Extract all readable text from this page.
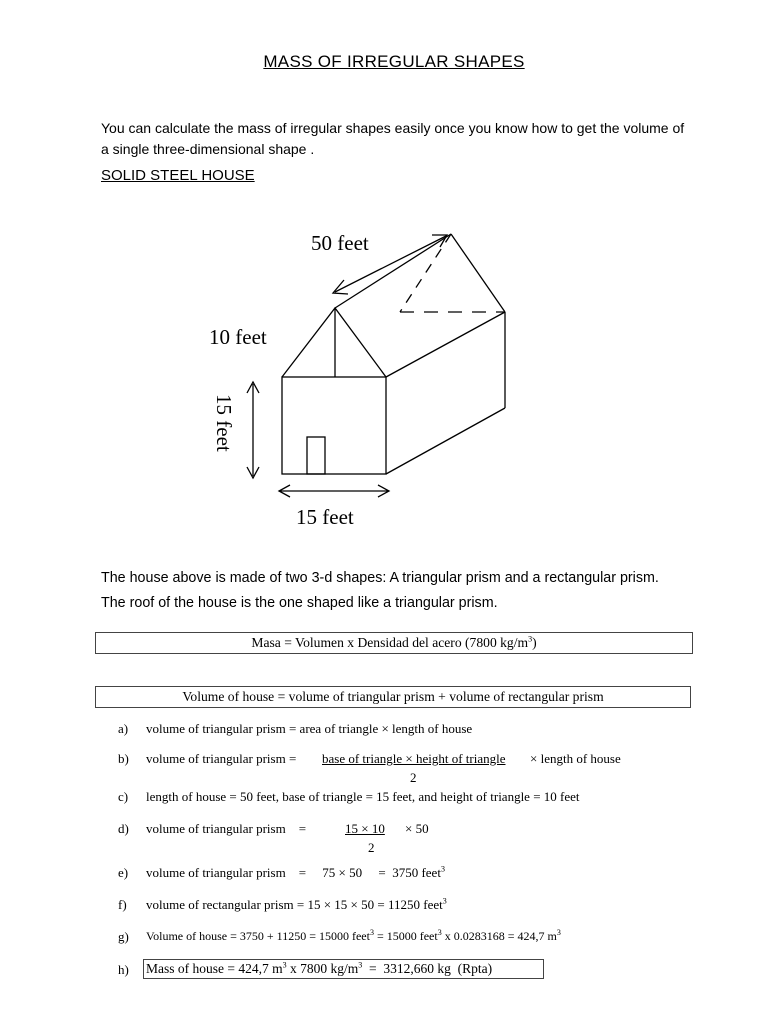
MASS OF IRREGULAR SHAPES
You can calculate the mass of irregular shapes easily once you know how to get the volume of
a single three-dimensional shape .
SOLID STEEL HOUSE
50 feet
10 feet
15 feet
15 feet
The house above is made of two 3-d shapes: A triangular prism and a rectangular prism.
The roof of the house is the one shaped like a triangular prism.
Masa = Volumen x Densidad del acero (7800 $kg/m^3$)
Volume of house = volume of triangular prism + volume of rectangular prism
a) volume of triangular prism = area of triangle × length of house
b) volume of triangular prism = base of triangle × height of triangle × length of house
2
c) length of house = 50 feet, base of triangle = 15 feet, and height of triangle = 10 feet
d) volume of triangular prism    =	15 × 10 × 50
2
e) volume of triangular prism    =     75 × 50     =  3750 feet$^3$
f) volume of rectangular prism = 15 × 15 × 50 = 11250 feet$^3$
g) Volume of house = 3750 + 11250 = 15000 feet$^3$ = 15000 feet$^3$ x 0.0283168 = 424,7 $m^3$
h) Mass of house = 424,7 $m^3$ x 7800 $kg/m^3 = 3312,660$ kg  (Rpta)
